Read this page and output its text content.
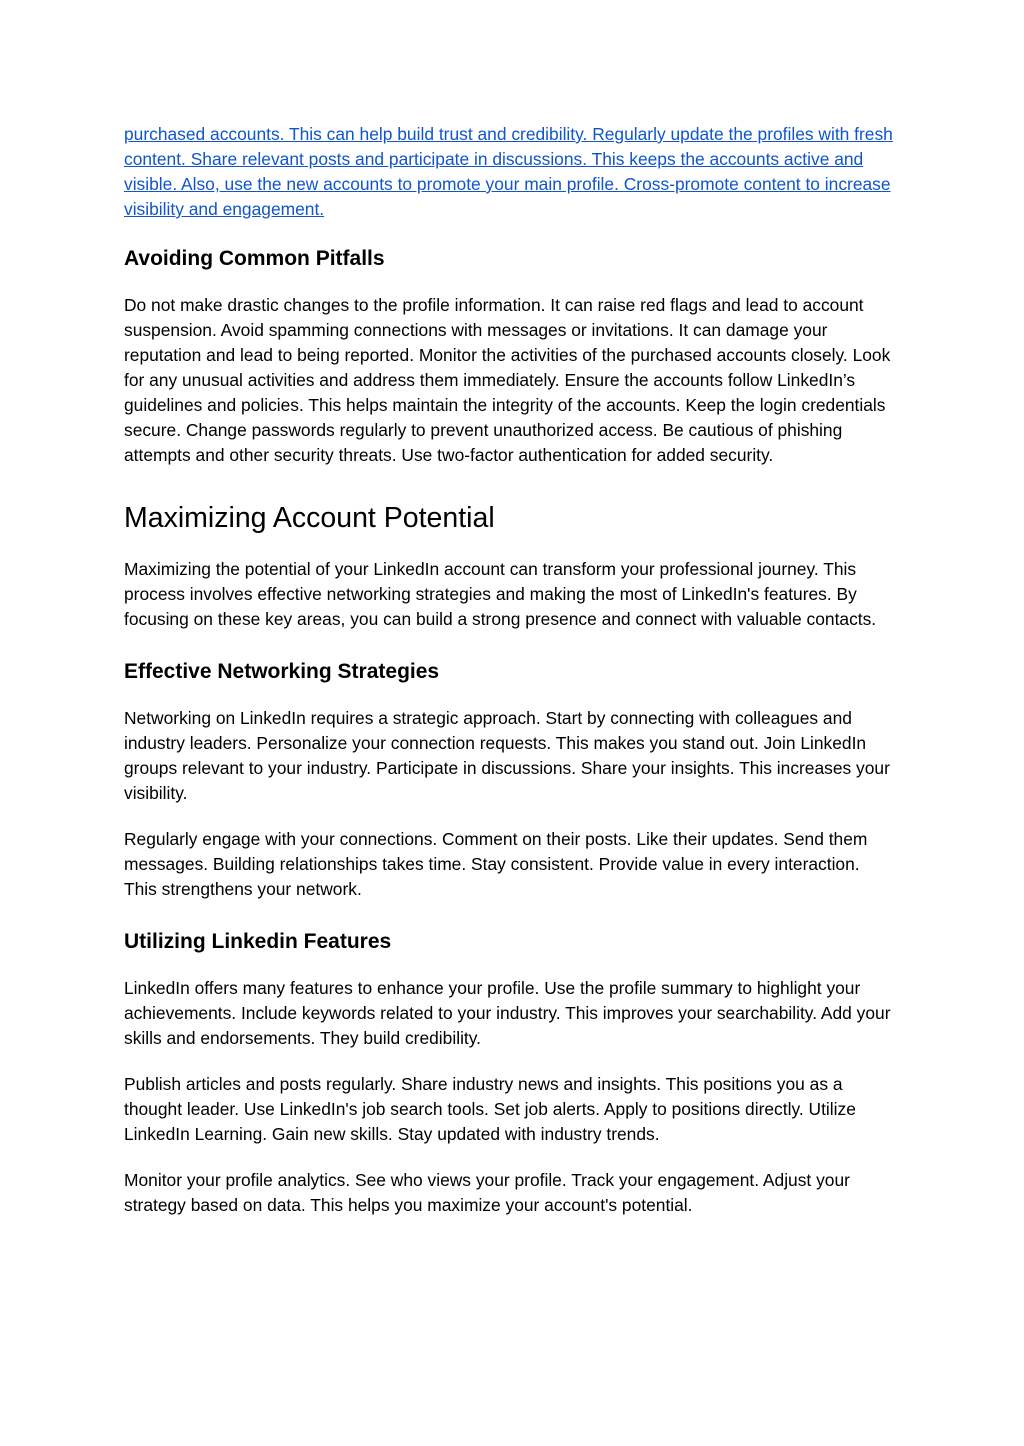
purchased accounts. This can help build trust and credibility. Regularly update the profiles with fresh content. Share relevant posts and participate in discussions. This keeps the accounts active and visible. Also, use the new accounts to promote your main profile. Cross-promote content to increase visibility and engagement.

Avoiding Common Pitfalls

Do not make drastic changes to the profile information. It can raise red flags and lead to account suspension. Avoid spamming connections with messages or invitations. It can damage your reputation and lead to being reported. Monitor the activities of the purchased accounts closely. Look for any unusual activities and address them immediately. Ensure the accounts follow LinkedIn’s guidelines and policies. This helps maintain the integrity of the accounts. Keep the login credentials secure. Change passwords regularly to prevent unauthorized access. Be cautious of phishing attempts and other security threats. Use two-factor authentication for added security.

Maximizing Account Potential

Maximizing the potential of your LinkedIn account can transform your professional journey. This process involves effective networking strategies and making the most of LinkedIn's features. By focusing on these key areas, you can build a strong presence and connect with valuable contacts.

Effective Networking Strategies

Networking on LinkedIn requires a strategic approach. Start by connecting with colleagues and industry leaders. Personalize your connection requests. This makes you stand out. Join LinkedIn groups relevant to your industry. Participate in discussions. Share your insights. This increases your visibility.

Regularly engage with your connections. Comment on their posts. Like their updates. Send them messages. Building relationships takes time. Stay consistent. Provide value in every interaction. This strengthens your network.

Utilizing Linkedin Features

LinkedIn offers many features to enhance your profile. Use the profile summary to highlight your achievements. Include keywords related to your industry. This improves your searchability. Add your skills and endorsements. They build credibility.

Publish articles and posts regularly. Share industry news and insights. This positions you as a thought leader. Use LinkedIn's job search tools. Set job alerts. Apply to positions directly. Utilize LinkedIn Learning. Gain new skills. Stay updated with industry trends.

Monitor your profile analytics. See who views your profile. Track your engagement. Adjust your strategy based on data. This helps you maximize your account's potential.
